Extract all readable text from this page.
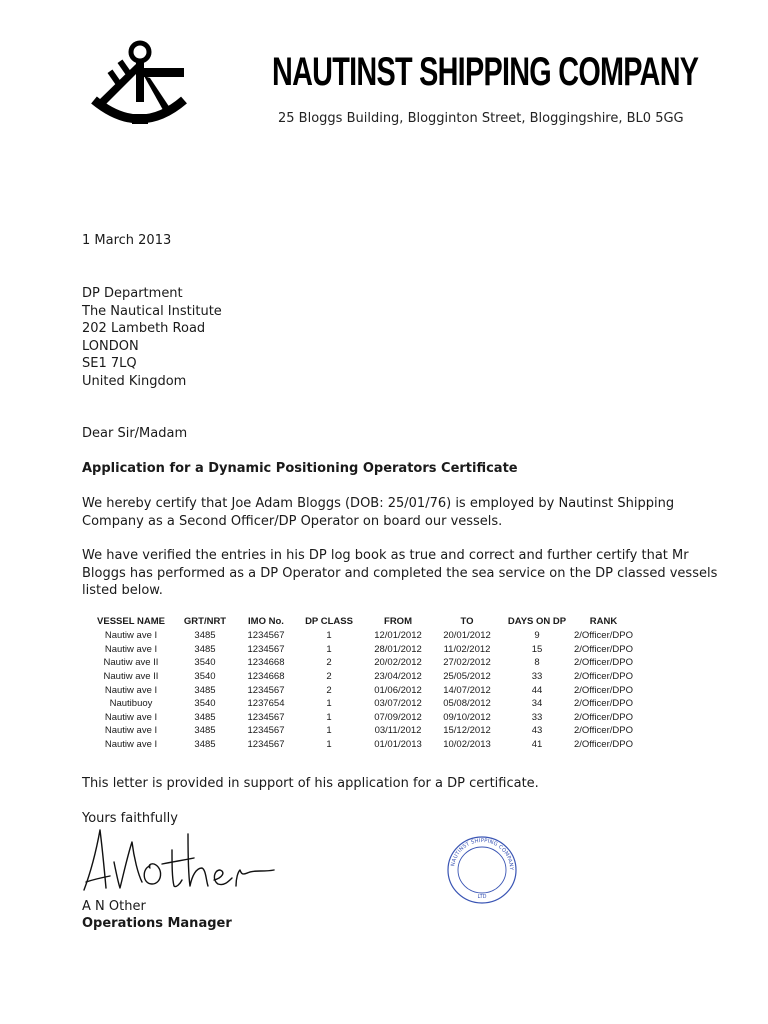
NAUTINST SHIPPING COMPANY
25 Bloggs Building, Blogginton Street, Bloggingshire, BL0 5GG
1 March 2013
DP Department
The Nautical Institute
202 Lambeth Road
LONDON
SE1 7LQ
United Kingdom
Dear Sir/Madam
Application for a Dynamic Positioning Operators Certificate

We hereby certify that Joe Adam Bloggs (DOB: 25/01/76) is employed by Nautinst Shipping Company as a Second Officer/DP Operator on board our vessels.

We have verified the entries in his DP log book as true and correct and further certify that Mr Bloggs has performed as a DP Operator and completed the sea service on the DP classed vessels listed below.

VESSEL NAME	GRT/NRT	IMO No.	DP CLASS	FROM	TO	DAYS ON DP	RANK
Nautiw ave I	3485	1234567	1	12/01/2012	20/01/2012	9	2/Officer/DPO
Nautiw ave I	3485	1234567	1	28/01/2012	11/02/2012	15	2/Officer/DPO
Nautiw ave II	3540	1234668	2	20/02/2012	27/02/2012	8	2/Officer/DPO
Nautiw ave II	3540	1234668	2	23/04/2012	25/05/2012	33	2/Officer/DPO
Nautiw ave I	3485	1234567	2	01/06/2012	14/07/2012	44	2/Officer/DPO
Nautibuoy	3540	1237654	1	03/07/2012	05/08/2012	34	2/Officer/DPO
Nautiw ave I	3485	1234567	1	07/09/2012	09/10/2012	33	2/Officer/DPO
Nautiw ave I	3485	1234567	1	03/11/2012	15/12/2012	43	2/Officer/DPO
Nautiw ave I	3485	1234567	1	01/01/2013	10/02/2013	41	2/Officer/DPO
This letter is provided in support of his application for a DP certificate.
Yours faithfully
NAUTINST SHIPPING COMPANY
LTD
A N Other
Operations Manager
